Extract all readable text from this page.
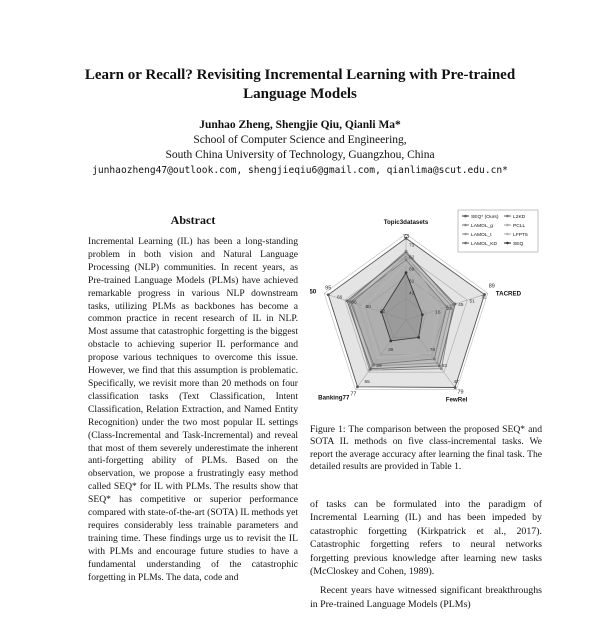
Learn or Recall? Revisiting Incremental Learning with Pre-trained Language Models
Junhao Zheng, Shengjie Qiu, Qianli Ma*
School of Computer Science and Engineering,
South China University of Technology, Guangzhou, China
junhaozheng47@outlook.com, shengjieqiu6@gmail.com, qianlima@scut.edu.cn*
Abstract
Incremental Learning (IL) has been a long-standing problem in both vision and Natural Language Processing (NLP) communities. In recent years, as Pre-trained Language Models (PLMs) have achieved remarkable progress in various NLP downstream tasks, utilizing PLMs as backbones has become a common practice in recent research of IL in NLP. Most assume that catastrophic forgetting is the biggest obstacle to achieving superior IL performance and propose various techniques to overcome this issue. However, we find that this assumption is problematic. Specifically, we revisit more than 20 methods on four classification tasks (Text Classification, Intent Classification, Relation Extraction, and Named Entity Recognition) under the two most popular IL settings (Class-Incremental and Task-Incremental) and reveal that most of them severely underestimate the inherent anti-forgetting ability of PLMs. Based on the observation, we propose a frustratingly easy method called SEQ* for IL with PLMs. The results show that SEQ* has competitive or superior performance compared with state-of-the-art (SOTA) IL methods yet requires considerably less trainable parameters and training time. These findings urge us to revisit the IL with PLMs and encourage future studies to have a fundamental understanding of the catastrophic forgetting in PLMs. The data, code and
Topic3datasets
TACRED
FewRel
Banking77
50
73
89
79
77
95
73
62
69
61
41
71
51
45
29
16
47
63
76
55
29
36
66
86
80
72
SEQ* (Ours)
LAMOL_g
LAMOL_t
LAMOL_KD
L2KD
PCLL
LFPT5
SEQ
Figure 1: The comparison between the proposed SEQ* and SOTA IL methods on five class-incremental tasks. We report the average accuracy after learning the final task. The detailed results are provided in Table 1.

of tasks can be formulated into the paradigm of Incremental Learning (IL) and has been impeded by catastrophic forgetting (Kirkpatrick et al., 2017). Catastrophic forgetting refers to neural networks forgetting previous knowledge after learning new tasks (McCloskey and Cohen, 1989).

Recent years have witnessed significant breakthroughs in Pre-trained Language Models (PLMs)
